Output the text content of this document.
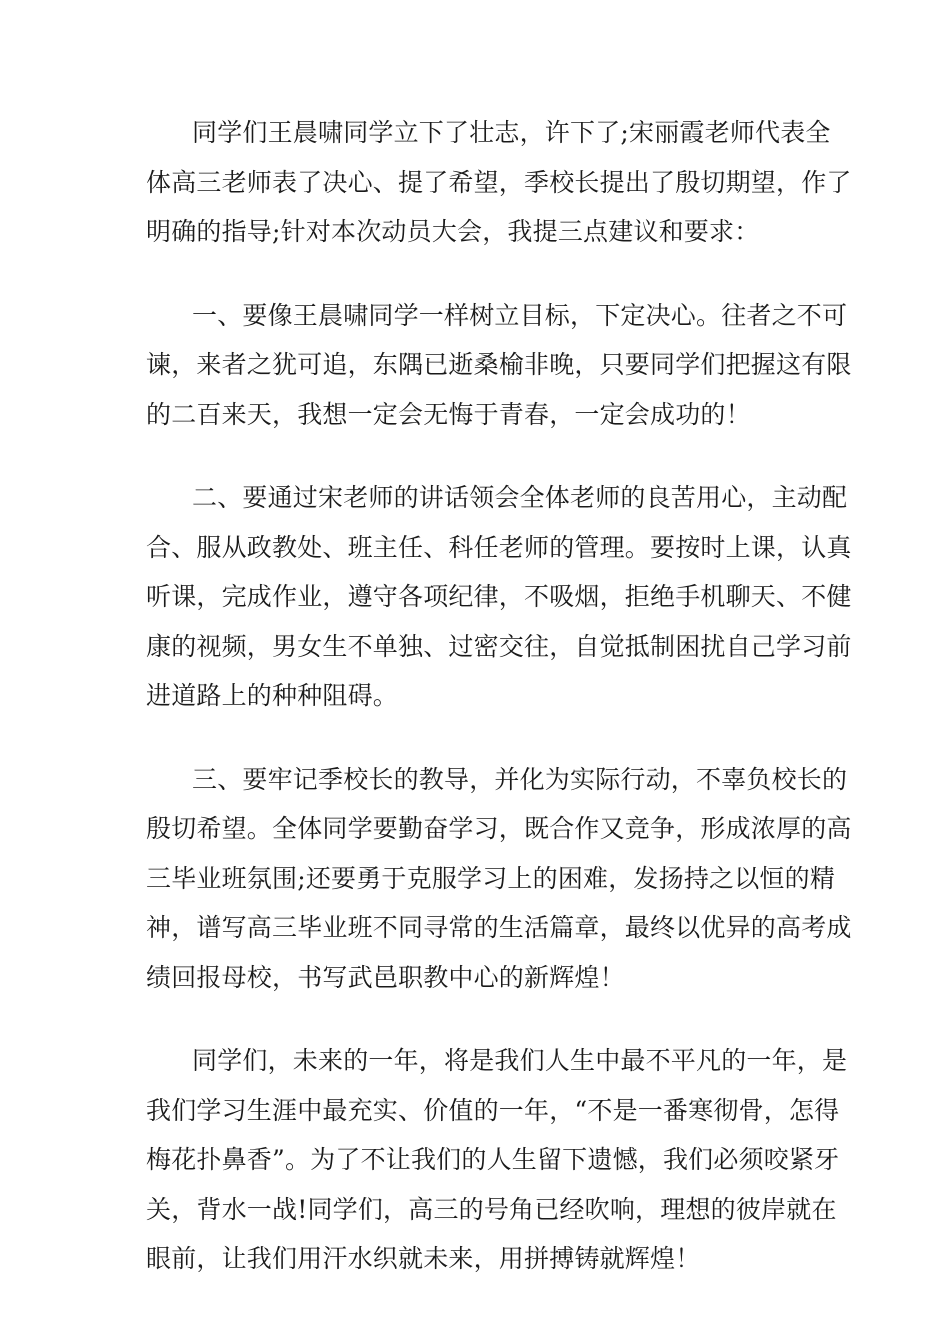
同学们王晨啸同学立下了壮志，许下了;宋丽霞老师代表全
体高三老师表了决心、提了希望，季校长提出了殷切期望，作了
明确的指导;针对本次动员大会，我提三点建议和要求：
一、要像王晨啸同学一样树立目标，下定决心。往者之不可
谏，来者之犹可追，东隅已逝桑榆非晚，只要同学们把握这有限
的二百来天，我想一定会无悔于青春，一定会成功的！
二、要通过宋老师的讲话领会全体老师的良苦用心，主动配
合、服从政教处、班主任、科任老师的管理。要按时上课，认真
听课，完成作业，遵守各项纪律，不吸烟，拒绝手机聊天、不健
康的视频，男女生不单独、过密交往，自觉抵制困扰自己学习前
进道路上的种种阻碍。
三、要牢记季校长的教导，并化为实际行动，不辜负校长的
殷切希望。全体同学要勤奋学习，既合作又竞争，形成浓厚的高
三毕业班氛围;还要勇于克服学习上的困难，发扬持之以恒的精
神，谱写高三毕业班不同寻常的生活篇章，最终以优异的高考成
绩回报母校，书写武邑职教中心的新辉煌！
同学们，未来的一年，将是我们人生中最不平凡的一年，是
我们学习生涯中最充实、价值的一年，“不是一番寒彻骨，怎得
梅花扑鼻香”。为了不让我们的人生留下遗憾，我们必须咬紧牙
关，背水一战!同学们，高三的号角已经吹响，理想的彼岸就在
眼前，让我们用汗水织就未来，用拼搏铸就辉煌！
